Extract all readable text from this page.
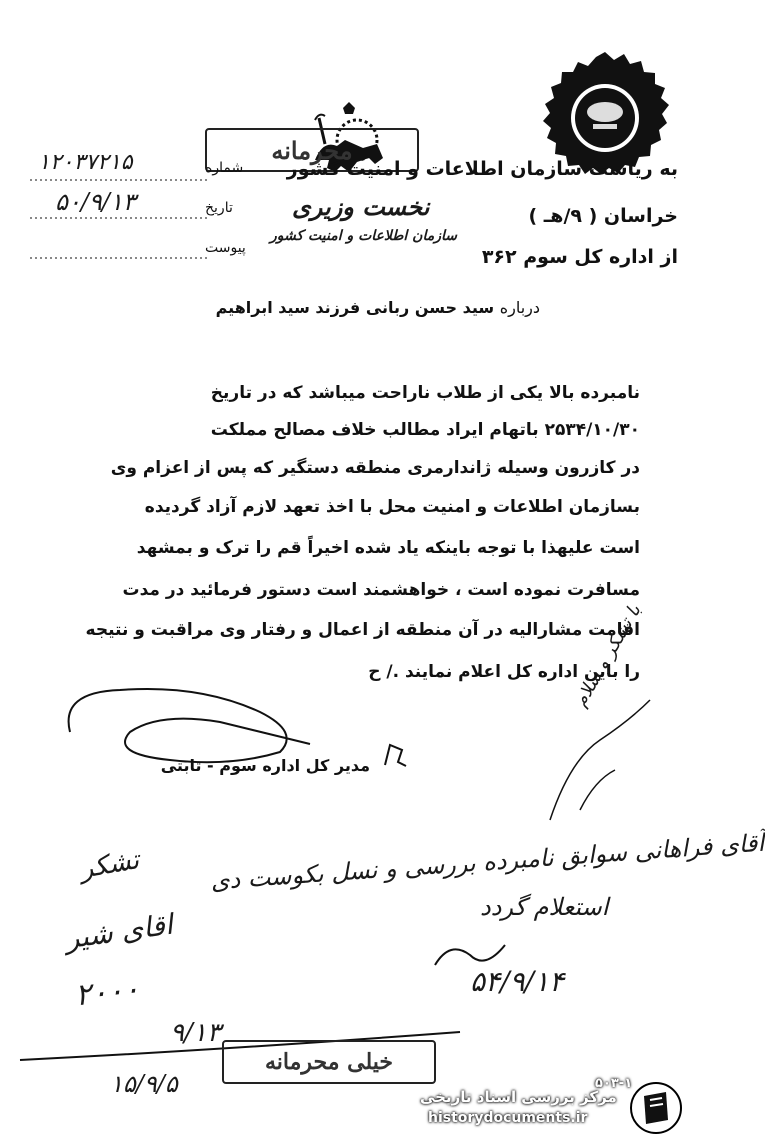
محرمانه
به ریاست سازمان اطلاعات و امنیت کشور
شماره
۱۲۰۳۷۲۱۵
تاریخ
۵۰/۹/۱۳
پیوست
نخست وزیری
سازمان اطلاعات و امنیت کشور
خراسان ( ۹/هـ )
از اداره کل سوم ۳۶۲
درباره سید حسن ربانی فرزند سید ابراهیم
نامبرده بالا یکی از طلاب ناراحت میباشد که در تاریخ
۲۵۳۴/۱۰/۳۰ باتهام ایراد مطالب خلاف مصالح مملکت
در کازرون وسیله ژاندارمری منطقه دستگیر که پس از اعزام وی
بسازمان اطلاعات و امنیت محل با اخذ تعهد لازم آزاد گردیده
است علیهذا با توجه باینکه یاد شده اخیراً قم را ترک و بمشهد
مسافرت نموده است ، خواهشمند است دستور فرمائید در مدت
اقامت مشارالیه در آن منطقه از اعمال و رفتار وی مراقبت و نتیجه
را باین اداره کل اعلام نمایند ./ ح
مدیر کل اداره سوم - ثابتی
با تشکر و سلام
آقای فراهانی سوابق نامبرده بررسی و نسل بکوست دی
استعلام گردد
۵۴/۹/۱۴
تشکر
اقای شیر
۲۰۰۰
۹/۱۳
۱۵/۹/۵
خیلی محرمانه
۵۰۳-۱
مرکز بررسی اسناد تاریخی
historydocuments.ir
